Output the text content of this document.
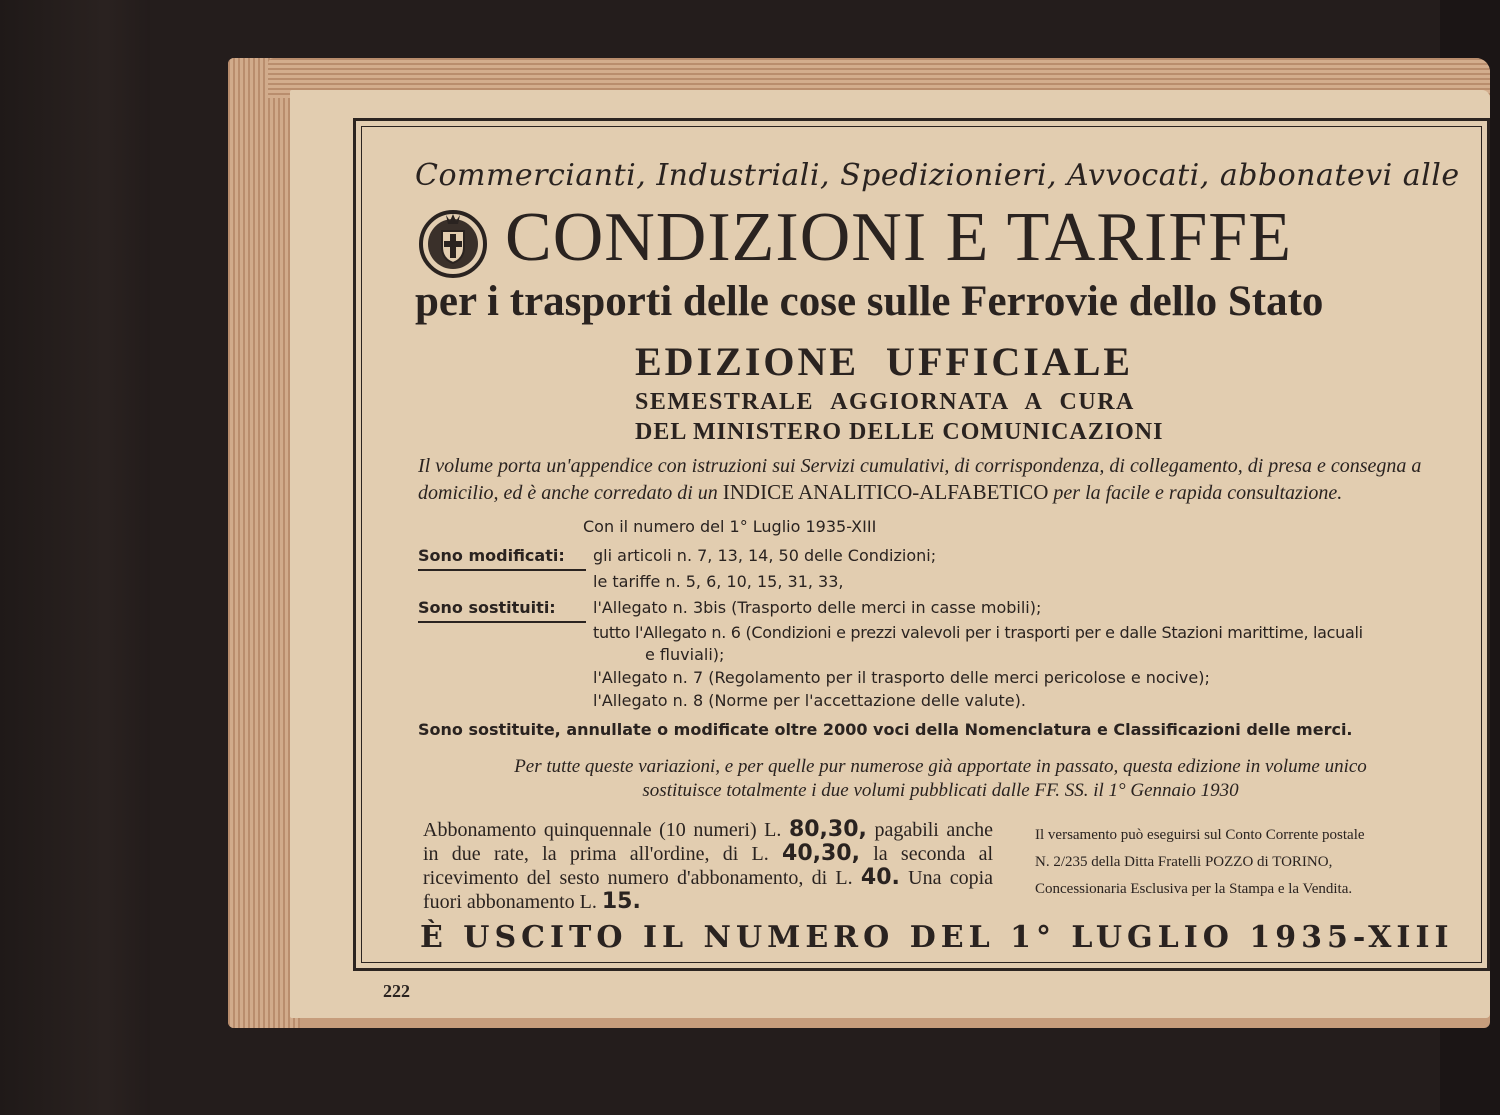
Commercianti, Industriali, Spedizionieri, Avvocati, abbonatevi alle
CONDIZIONI E TARIFFE
per i trasporti delle cose sulle Ferrovie dello Stato
EDIZIONE UFFICIALE
SEMESTRALE AGGIORNATA A CURA
DEL MINISTERO DELLE COMUNICAZIONI
Il volume porta un'appendice con istruzioni sui Servizi cumulativi, di corrispondenza, di collegamento, di presa e consegna a domicilio, ed è anche corredato di un INDICE ANALITICO-ALFABETICO per la facile e rapida consultazione.
Con il numero del 1° Luglio 1935-XIII
Sono modificati: gli articoli n. 7, 13, 14, 50 delle Condizioni;
le tariffe n. 5, 6, 10, 15, 31, 33,
Sono sostituiti: l'Allegato n. 3bis (Trasporto delle merci in casse mobili);
tutto l'Allegato n. 6 (Condizioni e prezzi valevoli per i trasporti per e dalle Stazioni marittime, lacuali
e fluviali);
l'Allegato n. 7 (Regolamento per il trasporto delle merci pericolose e nocive);
l'Allegato n. 8 (Norme per l'accettazione delle valute).
Sono sostituite, annullate o modificate oltre 2000 voci della Nomenclatura e Classificazioni delle merci.
Per tutte queste variazioni, e per quelle pur numerose già apportate in passato, questa edizione in volume unico
sostituisce totalmente i due volumi pubblicati dalle FF. SS. il 1° Gennaio 1930
Abbonamento quinquennale (10 numeri) L. 80,30, pagabili anche in due rate, la prima all'ordine, di L. 40,30, la seconda al ricevimento del sesto numero d'abbonamento, di L. 40. Una copia fuori abbonamento L. 15.
Il versamento può eseguirsi sul Conto Corrente postale
N. 2/235 della Ditta Fratelli POZZO di TORINO,
Concessionaria Esclusiva per la Stampa e la Vendita.
È USCITO IL NUMERO DEL 1° LUGLIO 1935-XIII
222
